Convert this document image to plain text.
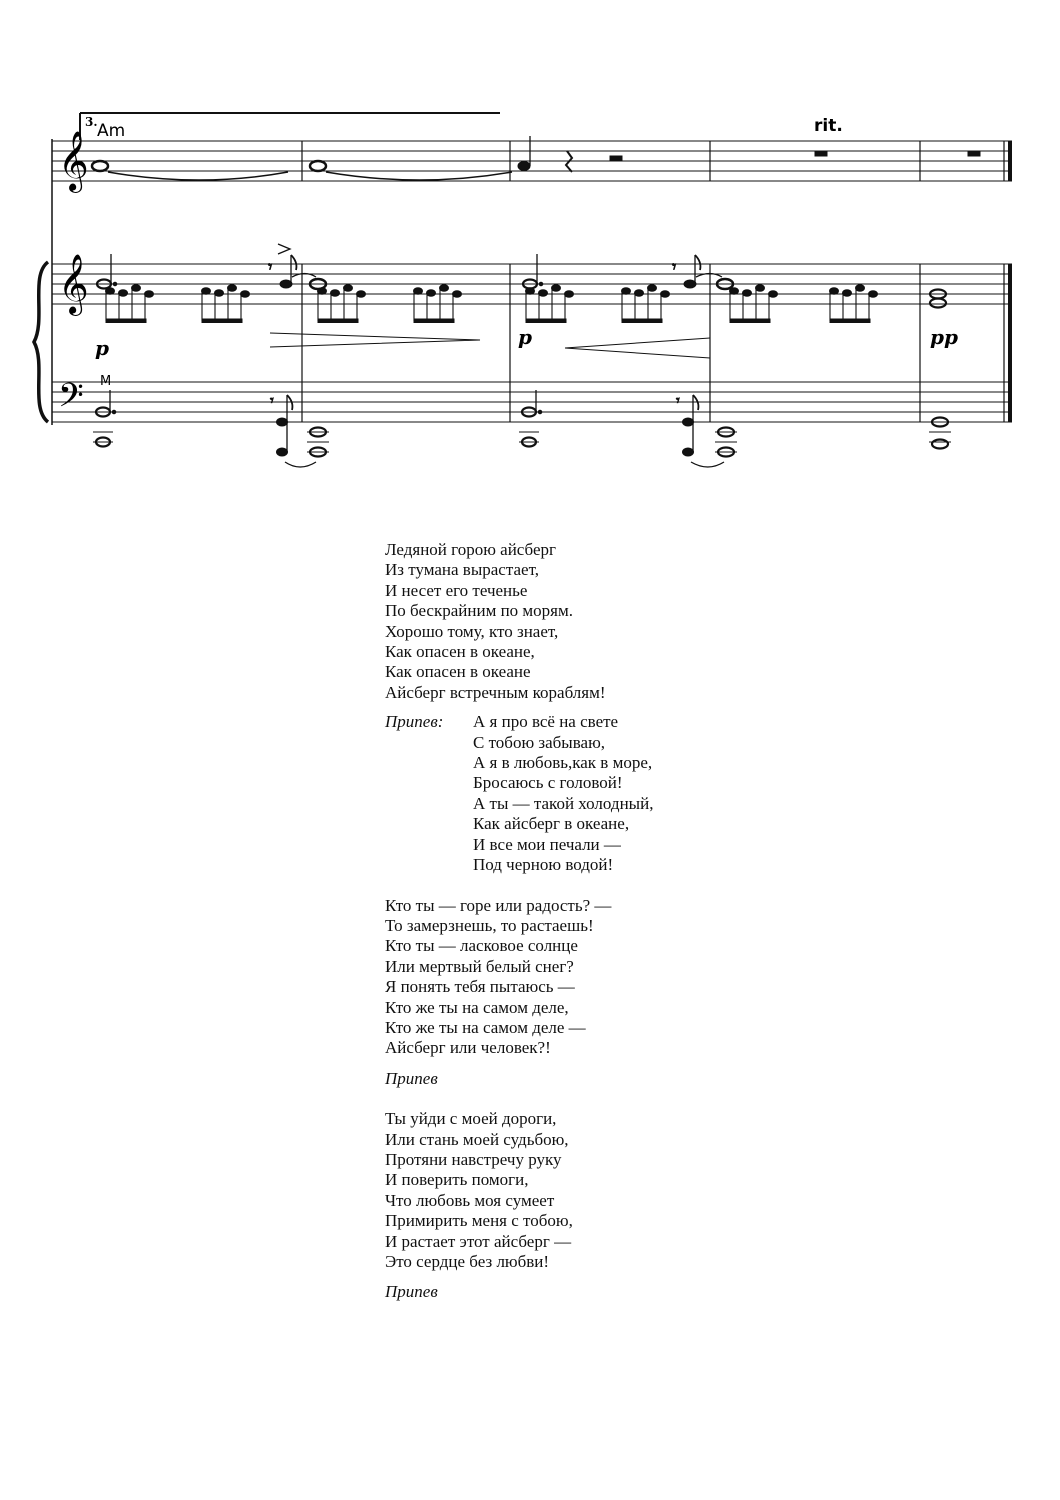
3. Am	rit.
𝄞
𝄞
𝄢
𝄾	𝄾
p	p	pp
M
𝄾	𝄾
Ледяной горою айсберг
Из тумана вырастает,
И несет его теченье
По бескрайним по морям.
Хорошо тому, кто знает,
Как опасен в океане,
Как опасен в океане
Айсберг встречным кораблям!
Припев: А я про всё на свете
С тобою забываю,
А я в любовь,как в море,
Бросаюсь с головой!
А ты — такой холодный,
Как айсберг в океане,
И все мои печали —
Под черною водой!
Кто ты — горе или радость? —
То замерзнешь, то растаешь!
Кто ты — ласковое солнце
Или мертвый белый снег?
Я понять тебя пытаюсь —
Кто же ты на самом деле,
Кто же ты на самом деле —
Айсберг или человек?!
Припев
Ты уйди с моей дороги,
Или стань моей судьбою,
Протяни навстречу руку
И поверить помоги,
Что любовь моя сумеет
Примирить меня с тобою,
И растает этот айсберг —
Это сердце без любви!
Припев
